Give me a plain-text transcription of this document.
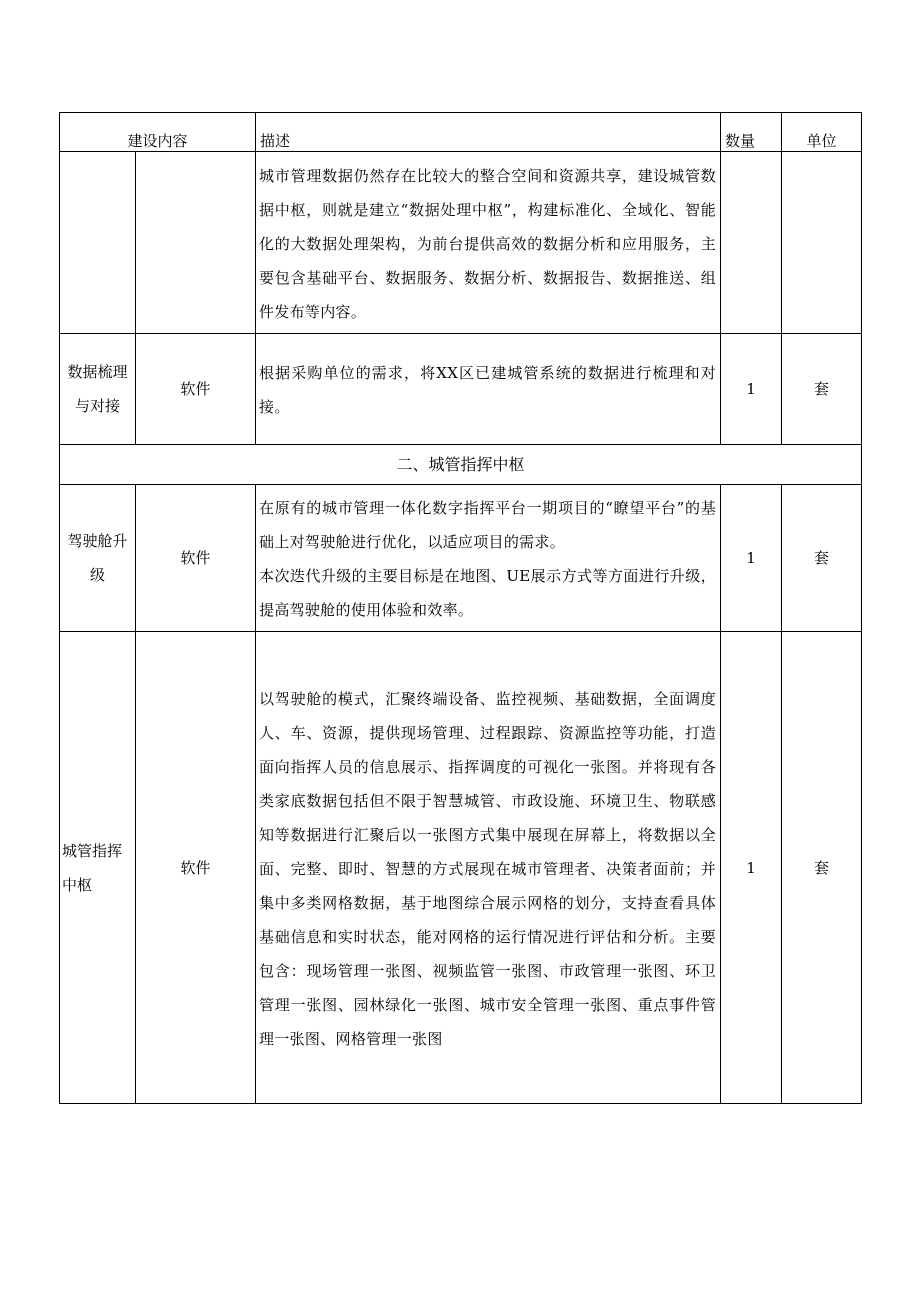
建设内容		描述	数量	单位
		城市管理数据仍然存在比较大的整合空间和资源共享，建设城管数据中枢，则就是建立“数据处理中枢”，构建标准化、全域化、智能化的大数据处理架构，为前台提供高效的数据分析和应用服务，主要包含基础平台、数据服务、数据分析、数据报告、数据推送、组件发布等内容。		
数据梳理与对接	软件	根据采购单位的需求，将XX区已建城管系统的数据进行梳理和对接。	1	套
二、城管指挥中枢				
驾驶舱升级	软件	在原有的城市管理一体化数字指挥平台一期项目的“瞭望平台”的基础上对驾驶舱进行优化，以适应项目的需求。
本次迭代升级的主要目标是在地图、UE展示方式等方面进行升级，提高驾驶舱的使用体验和效率。	1	套
城管指挥中枢	软件	以驾驶舱的模式，汇聚终端设备、监控视频、基础数据，全面调度人、车、资源，提供现场管理、过程跟踪、资源监控等功能，打造面向指挥人员的信息展示、指挥调度的可视化一张图。并将现有各类家底数据包括但不限于智慧城管、市政设施、环境卫生、物联感知等数据进行汇聚后以一张图方式集中展现在屏幕上，将数据以全面、完整、即时、智慧的方式展现在城市管理者、决策者面前；并集中多类网格数据，基于地图综合展示网格的划分，支持查看具体基础信息和实时状态，能对网格的运行情况进行评估和分析。主要包含：现场管理一张图、视频监管一张图、市政管理一张图、环卫管理一张图、园林绿化一张图、城市安全管理一张图、重点事件管理一张图、网格管理一张图	1	套
